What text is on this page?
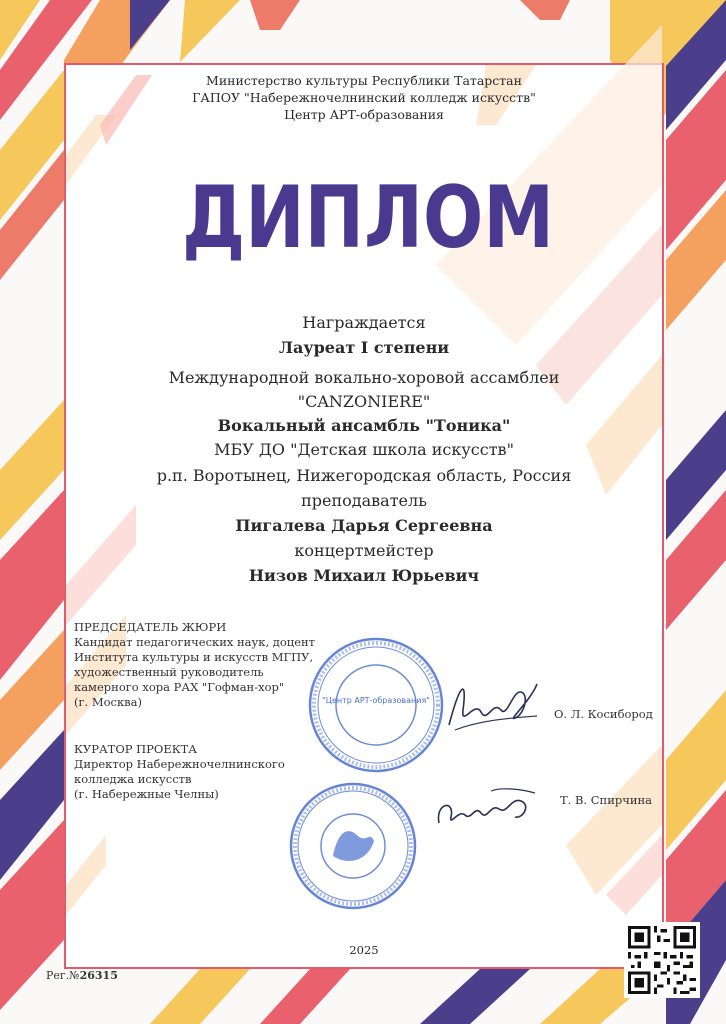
Министерство культуры Республики Татарстан
ГАПОУ "Набережночелнинский колледж искусств"
Центр АРТ-образования
ДИПЛОМ
Награждается
Лауреат I степени
Международной вокально-хоровой ассамблеи
"CANZONIERE"
Вокальный ансамбль "Тоника"
МБУ ДО "Детская школа искусств"
р.п. Воротынец, Нижегородская область, Россия
преподаватель
Пигалева Дарья Сергеевна
концертмейстер
Низов Михаил Юрьевич
ПРЕДСЕДАТЕЛЬ ЖЮРИ
Кандидат педагогических наук, доцент
Института культуры и искусств МГПУ,
художественный руководитель
камерного хора РАХ "Гофман-хор"
(г. Москва)
КУРАТОР ПРОЕКТА
Директор Набережночелнинского
колледжа искусств
(г. Набережные Челны)
"Центр АРТ-образования"
О. Л. Косибород
Т. В. Спирчина
2025
Рег.№26315
